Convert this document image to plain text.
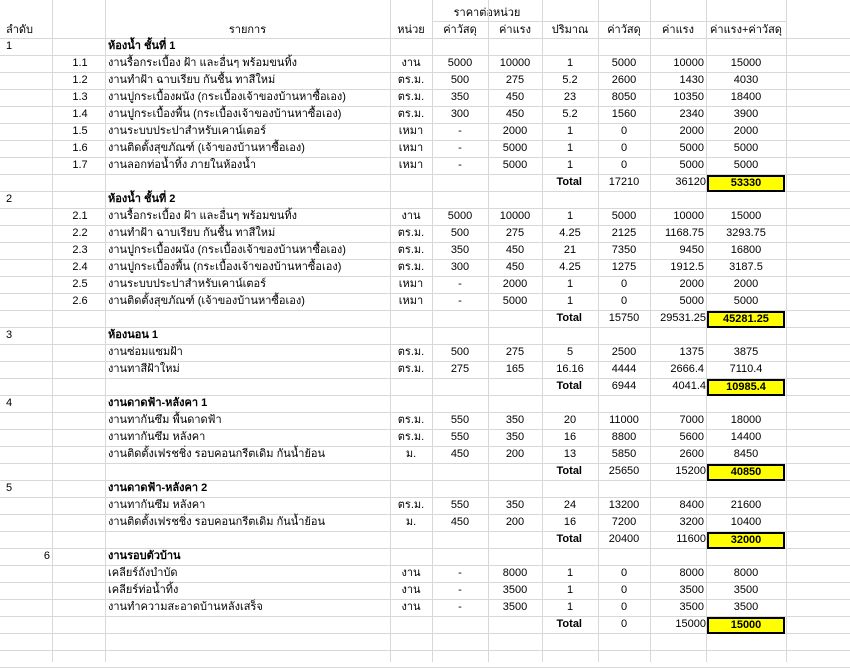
ราคาต่อหน่วย
ลำดับ	รายการ	หน่วย	ค่าวัสดุ	ค่าแรง	ปริมาณ	ค่าวัสดุ	ค่าแรง	ค่าแรง+ค่าวัสดุ
1	ห้องน้ำ ชั้นที่ 1
1.1	งานรื้อกระเบื้อง ฝ้า และอื่นๆ พร้อมขนทิ้ง	งาน	5000	10000	1	5000	10000	15000
1.2	งานทำฝ้า ฉาบเรียบ กันชื้น ทาสีใหม่	ตร.ม.	500	275	5.2	2600	1430	4030
1.3	งานปูกระเบื้องผนัง (กระเบื้องเจ้าของบ้านหาซื้อเอง)	ตร.ม.	350	450	23	8050	10350	18400
1.4	งานปูกระเบื้องพื้น (กระเบื้องเจ้าของบ้านหาซื้อเอง)	ตร.ม.	300	450	5.2	1560	2340	3900
1.5	งานระบบประปาสำหรับเคาน์เตอร์	เหมา	-	2000	1	0	2000	2000
1.6	งานติดตั้งสุขภัณฑ์ (เจ้าของบ้านหาซื้อเอง)	เหมา	-	5000	1	0	5000	5000
1.7	งานลอกท่อน้ำทิ้ง ภายในห้องน้ำ	เหมา	-	5000	1	0	5000	5000
Total	17210	36120	53330
2	ห้องน้ำ ชั้นที่ 2
2.1	งานรื้อกระเบื้อง ฝ้า และอื่นๆ พร้อมขนทิ้ง	งาน	5000	10000	1	5000	10000	15000
2.2	งานทำฝ้า ฉาบเรียบ กันชื้น ทาสีใหม่	ตร.ม.	500	275	4.25	2125	1168.75	3293.75
2.3	งานปูกระเบื้องผนัง (กระเบื้องเจ้าของบ้านหาซื้อเอง)	ตร.ม.	350	450	21	7350	9450	16800
2.4	งานปูกระเบื้องพื้น (กระเบื้องเจ้าของบ้านหาซื้อเอง)	ตร.ม.	300	450	4.25	1275	1912.5	3187.5
2.5	งานระบบประปาสำหรับเคาน์เตอร์	เหมา	-	2000	1	0	2000	2000
2.6	งานติดตั้งสุขภัณฑ์ (เจ้าของบ้านหาซื้อเอง)	เหมา	-	5000	1	0	5000	5000
Total	15750	29531.25	45281.25
3	ห้องนอน 1
งานซ่อมแซมฝ้า	ตร.ม.	500	275	5	2500	1375	3875
งานทาสีฝ้าใหม่	ตร.ม.	275	165	16.16	4444	2666.4	7110.4
Total	6944	4041.4	10985.4
4	งานดาดฟ้า-หลังคา 1
งานทากันซึม พื้นดาดฟ้า	ตร.ม.	550	350	20	11000	7000	18000
งานทากันซึม หลังคา	ตร.ม.	550	350	16	8800	5600	14400
งานติดตั้งเฟรชชิ่ง รอบคอนกรีตเดิม กันน้ำย้อน	ม.	450	200	13	5850	2600	8450
Total	25650	15200	40850
5	งานดาดฟ้า-หลังคา 2
งานทากันซึม หลังคา	ตร.ม.	550	350	24	13200	8400	21600
งานติดตั้งเฟรชชิ่ง รอบคอนกรีตเดิม กันน้ำย้อน	ม.	450	200	16	7200	3200	10400
Total	20400	11600	32000
6	งานรอบตัวบ้าน
เคลียร์ถังบำบัด	งาน	-	8000	1	0	8000	8000
เคลียร์ท่อน้ำทิ้ง	งาน	-	3500	1	0	3500	3500
งานทำความสะอาดบ้านหลังเสร็จ	งาน	-	3500	1	0	3500	3500
Total	0	15000	15000
